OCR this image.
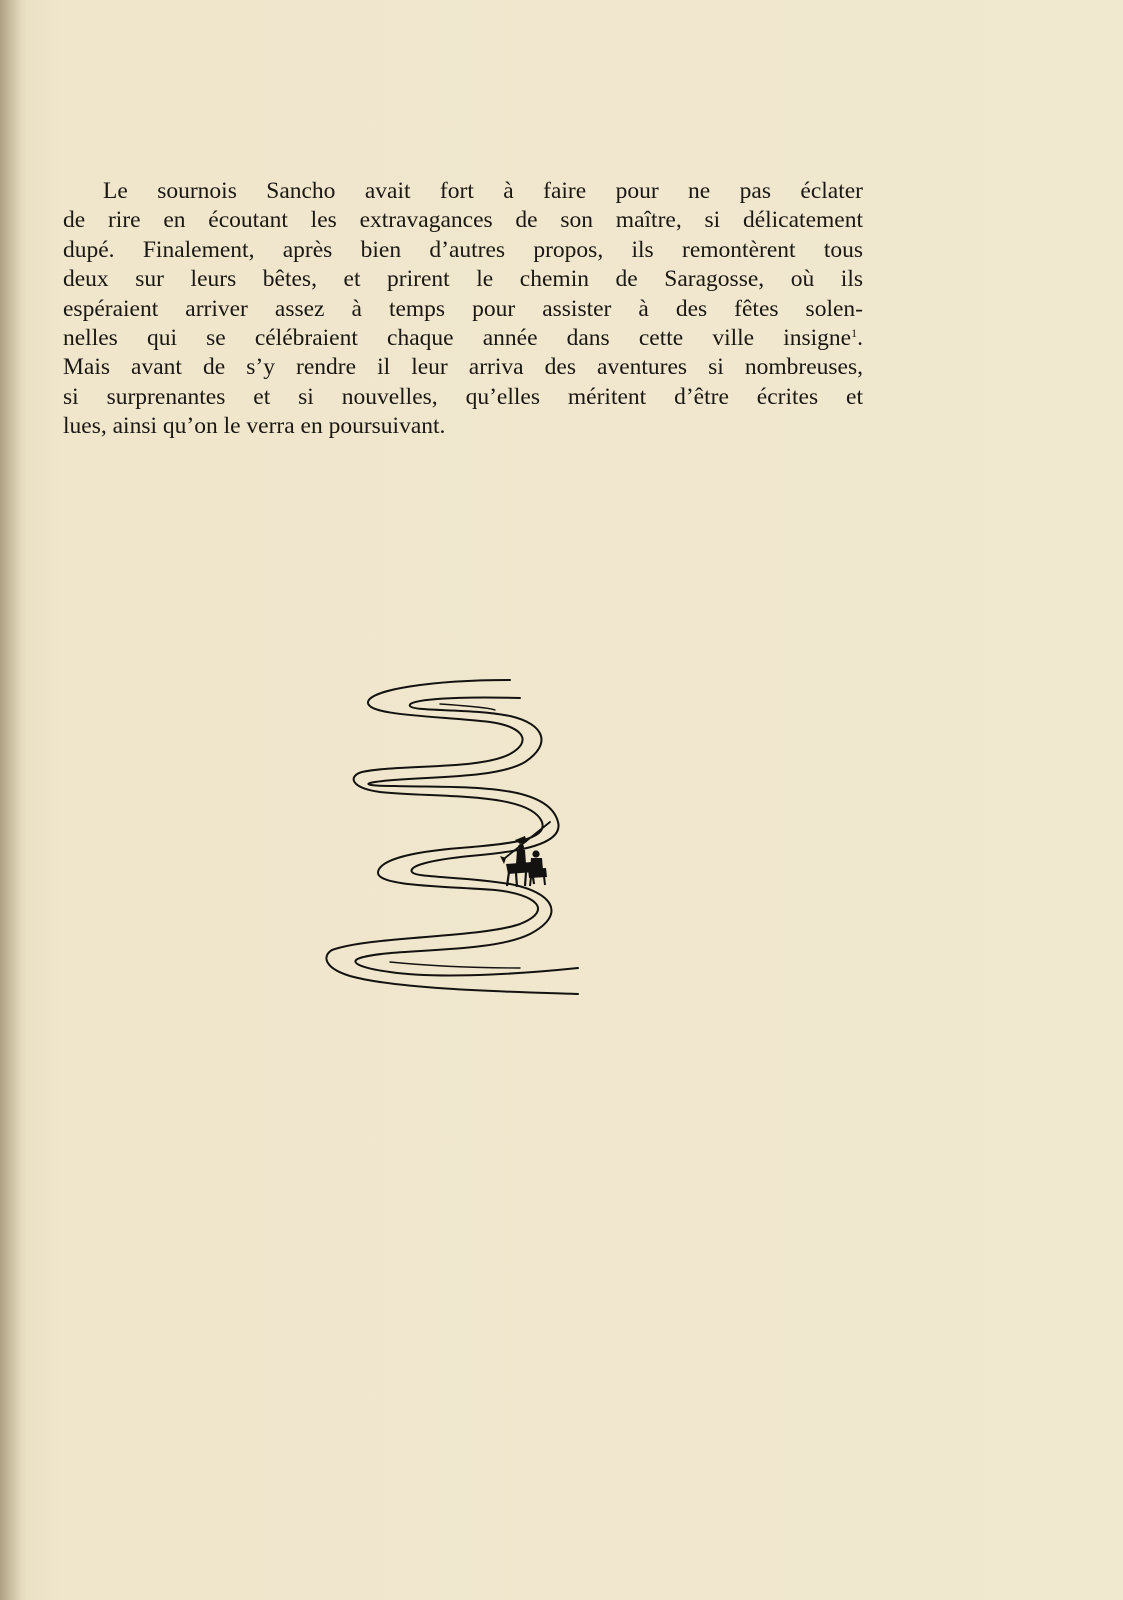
Le sournois Sancho avait fort à faire pour ne pas éclater
de rire en écoutant les extravagances de son maître, si délicatement
dupé. Finalement, après bien d’autres propos, ils remontèrent tous
deux sur leurs bêtes, et prirent le chemin de Saragosse, où ils
espéraient arriver assez à temps pour assister à des fêtes solen-
nelles qui se célébraient chaque année dans cette ville insigne$^1$.
Mais avant de s’y rendre il leur arriva des aventures si nombreuses,
si surprenantes et si nouvelles, qu’elles méritent d’être écrites et
lues, ainsi qu’on le verra en poursuivant.
